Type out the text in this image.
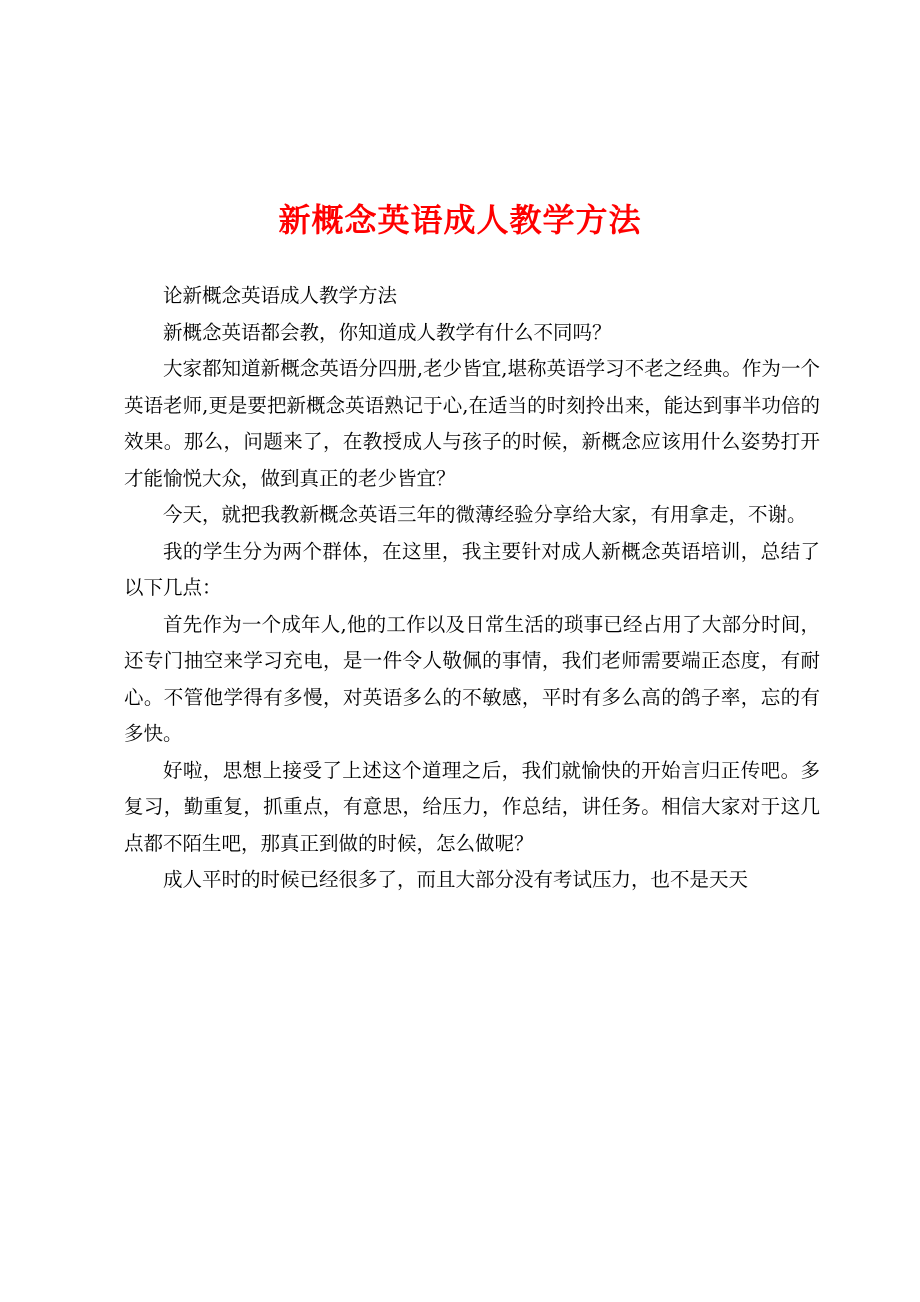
新概念英语成人教学方法

论新概念英语成人教学方法

新概念英语都会教，你知道成人教学有什么不同吗？

大家都知道新概念英语分四册,老少皆宜,堪称英语学习不老之经典。作为一个英语老师,更是要把新概念英语熟记于心,在适当的时刻拎出来，能达到事半功倍的效果。那么，问题来了，在教授成人与孩子的时候，新概念应该用什么姿势打开才能愉悦大众，做到真正的老少皆宜？

今天，就把我教新概念英语三年的微薄经验分享给大家，有用拿走，不谢。

我的学生分为两个群体，在这里，我主要针对成人新概念英语培训，总结了以下几点：

首先作为一个成年人,他的工作以及日常生活的琐事已经占用了大部分时间，还专门抽空来学习充电，是一件令人敬佩的事情，我们老师需要端正态度，有耐心。不管他学得有多慢，对英语多么的不敏感，平时有多么高的鸽子率，忘的有多快。

好啦，思想上接受了上述这个道理之后，我们就愉快的开始言归正传吧。多复习，勤重复，抓重点，有意思，给压力，作总结，讲任务。相信大家对于这几点都不陌生吧，那真正到做的时候，怎么做呢？

成人平时的时候已经很多了，而且大部分没有考试压力，也不是天天
